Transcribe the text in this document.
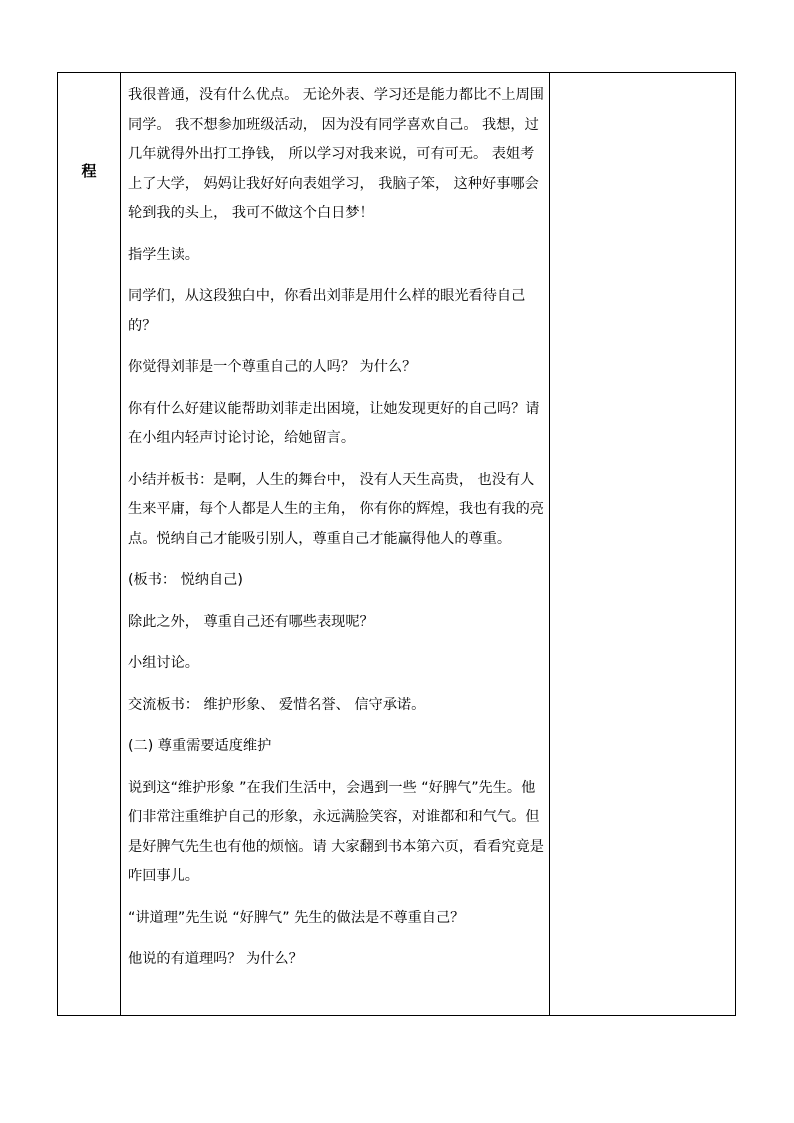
程

我很普通，没有什么优点。 无论外表、学习还是能力都比不上周围同学。 我不想参加班级活动， 因为没有同学喜欢自己。 我想，过几年就得外出打工挣钱， 所以学习对我来说，可有可无。 表姐考上了大学， 妈妈让我好好向表姐学习， 我脑子笨， 这种好事哪会轮到我的头上， 我可不做这个白日梦！

指学生读。

同学们，从这段独白中，你看出刘菲是用什么样的眼光看待自己的？

你觉得刘菲是一个尊重自己的人吗？ 为什么？

你有什么好建议能帮助刘菲走出困境，让她发现更好的自己吗？请在小组内轻声讨论讨论，给她留言。

小结并板书：是啊，人生的舞台中， 没有人天生高贵， 也没有人生来平庸，每个人都是人生的主角， 你有你的辉煌，我也有我的亮点。悦纳自己才能吸引别人，尊重自己才能赢得他人的尊重。

(板书： 悦纳自己)

除此之外， 尊重自己还有哪些表现呢？

小组讨论。

交流板书： 维护形象、 爱惜名誉、 信守承诺。

(二) 尊重需要适度维护

说到这“维护形象 ”在我们生活中，会遇到一些 “好脾气”先生。他们非常注重维护自己的形象，永远满脸笑容，对谁都和和气气。但是好脾气先生也有他的烦恼。请 大家翻到书本第六页，看看究竟是咋回事儿。

“讲道理”先生说 “好脾气” 先生的做法是不尊重自己？

他说的有道理吗？ 为什么？
